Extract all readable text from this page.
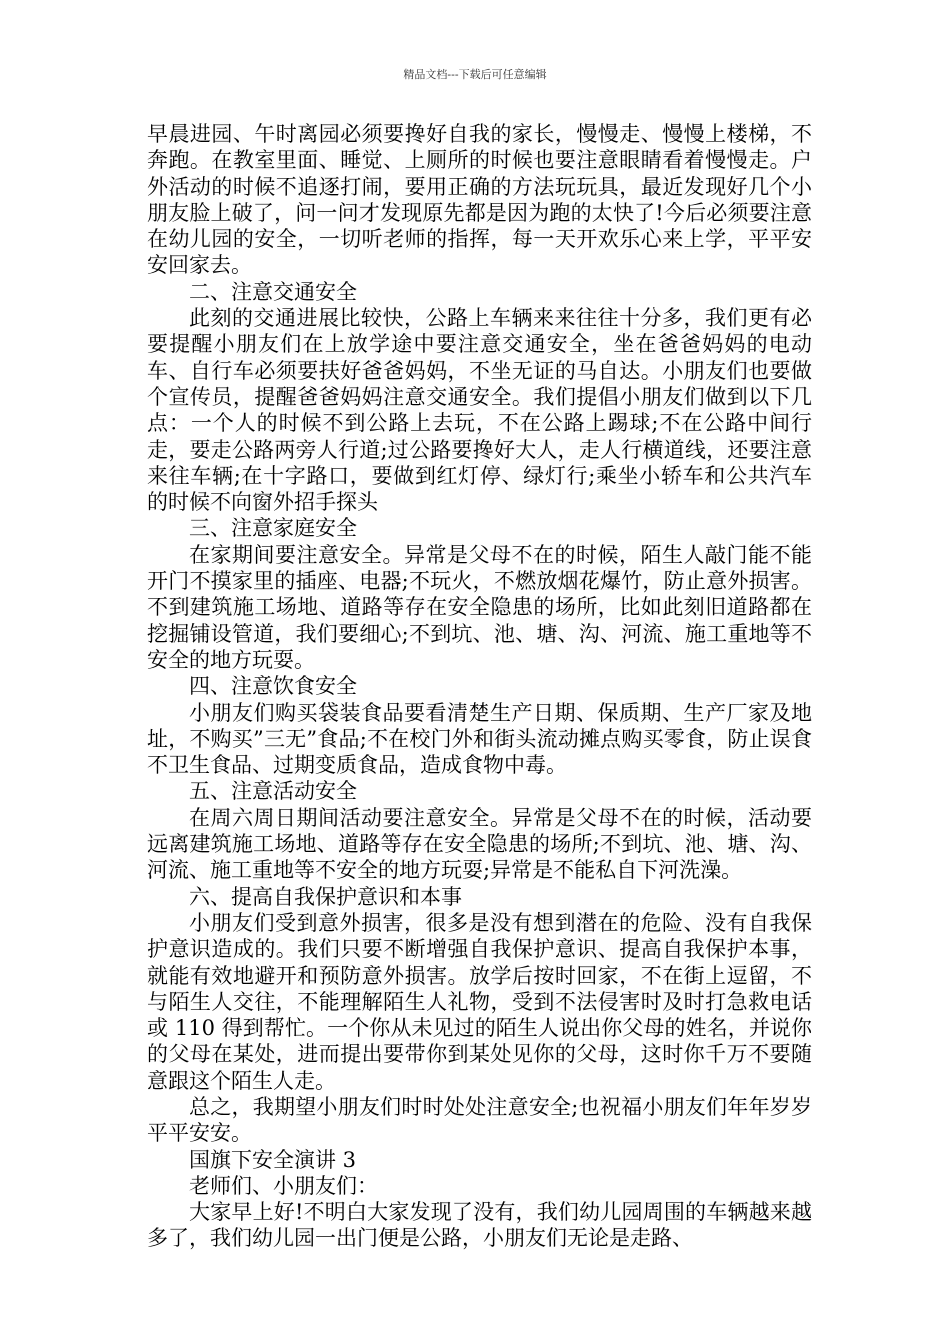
精品文档---下载后可任意编辑

早晨进园、午时离园必须要搀好自我的家长，慢慢走、慢慢上楼梯，不奔跑。在教室里面、睡觉、上厕所的时候也要注意眼睛看着慢慢走。户外活动的时候不追逐打闹，要用正确的方法玩玩具，最近发现好几个小朋友脸上破了，问一问才发现原先都是因为跑的太快了!今后必须要注意在幼儿园的安全，一切听老师的指挥，每一天开欢乐心来上学，平平安安回家去。

二、注意交通安全

此刻的交通进展比较快，公路上车辆来来往往十分多，我们更有必要提醒小朋友们在上放学途中要注意交通安全，坐在爸爸妈妈的电动车、自行车必须要扶好爸爸妈妈，不坐无证的马自达。小朋友们也要做个宣传员，提醒爸爸妈妈注意交通安全。我们提倡小朋友们做到以下几点：一个人的时候不到公路上去玩，不在公路上踢球;不在公路中间行走，要走公路两旁人行道;过公路要搀好大人，走人行横道线，还要注意来往车辆;在十字路口，要做到红灯停、绿灯行;乘坐小轿车和公共汽车的时候不向窗外招手探头

三、注意家庭安全

在家期间要注意安全。异常是父母不在的时候，陌生人敲门能不能开门不摸家里的插座、电器;不玩火，不燃放烟花爆竹，防止意外损害。不到建筑施工场地、道路等存在安全隐患的场所，比如此刻旧道路都在挖掘铺设管道，我们要细心;不到坑、池、塘、沟、河流、施工重地等不安全的地方玩耍。

四、注意饮食安全

小朋友们购买袋装食品要看清楚生产日期、保质期、生产厂家及地址，不购买”三无”食品;不在校门外和街头流动摊点购买零食，防止误食不卫生食品、过期变质食品，造成食物中毒。

五、注意活动安全

在周六周日期间活动要注意安全。异常是父母不在的时候，活动要远离建筑施工场地、道路等存在安全隐患的场所;不到坑、池、塘、沟、河流、施工重地等不安全的地方玩耍;异常是不能私自下河洗澡。

六、提高自我保护意识和本事

小朋友们受到意外损害，很多是没有想到潜在的危险、没有自我保护意识造成的。我们只要不断增强自我保护意识、提高自我保护本事，就能有效地避开和预防意外损害。放学后按时回家，不在街上逗留，不与陌生人交往，不能理解陌生人礼物，受到不法侵害时及时打急救电话或 110 得到帮忙。一个你从未见过的陌生人说出你父母的姓名，并说你的父母在某处，进而提出要带你到某处见你的父母，这时你千万不要随意跟这个陌生人走。

总之，我期望小朋友们时时处处注意安全;也祝福小朋友们年年岁岁平平安安。

国旗下安全演讲 3

老师们、小朋友们：

大家早上好!不明白大家发现了没有，我们幼儿园周围的车辆越来越多了，我们幼儿园一出门便是公路，小朋友们无论是走路、
